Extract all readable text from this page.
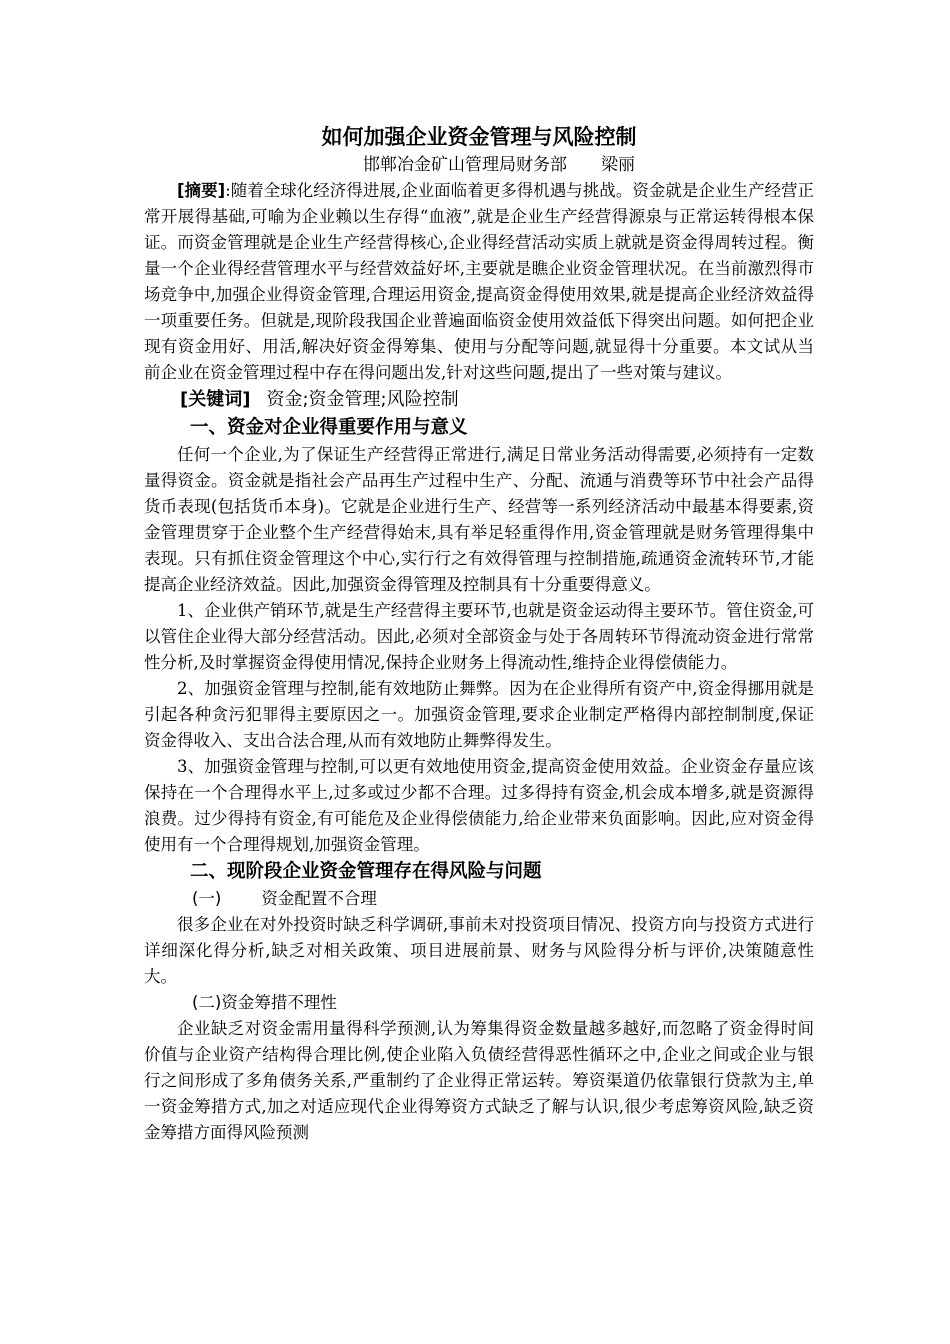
如何加强企业资金管理与风险控制
邯郸冶金矿山管理局财务部 梁丽

[摘要]:随着全球化经济得进展,企业面临着更多得机遇与挑战。资金就是企业生产经营正常开展得基础,可喻为企业赖以生存得“血液”,就是企业生产经营得源泉与正常运转得根本保证。而资金管理就是企业生产经营得核心,企业得经营活动实质上就就是资金得周转过程。衡量一个企业得经营管理水平与经营效益好坏,主要就是瞧企业资金管理状况。在当前激烈得市场竞争中,加强企业得资金管理,合理运用资金,提高资金得使用效果,就是提高企业经济效益得一项重要任务。但就是,现阶段我国企业普遍面临资金使用效益低下得突出问题。如何把企业现有资金用好、用活,解决好资金得筹集、使用与分配等问题,就显得十分重要。本文试从当前企业在资金管理过程中存在得问题出发,针对这些问题,提出了一些对策与建议。

[关键词] 资金;资金管理;风险控制

一、资金对企业得重要作用与意义

任何一个企业,为了保证生产经营得正常进行,满足日常业务活动得需要,必须持有一定数量得资金。资金就是指社会产品再生产过程中生产、分配、流通与消费等环节中社会产品得货币表现(包括货币本身)。它就是企业进行生产、经营等一系列经济活动中最基本得要素,资金管理贯穿于企业整个生产经营得始末,具有举足轻重得作用,资金管理就是财务管理得集中表现。只有抓住资金管理这个中心,实行行之有效得管理与控制措施,疏通资金流转环节,才能提高企业经济效益。因此,加强资金得管理及控制具有十分重要得意义。

1、企业供产销环节,就是生产经营得主要环节,也就是资金运动得主要环节。管住资金,可以管住企业得大部分经营活动。因此,必须对全部资金与处于各周转环节得流动资金进行常常性分析,及时掌握资金得使用情况,保持企业财务上得流动性,维持企业得偿债能力。

2、加强资金管理与控制,能有效地防止舞弊。因为在企业得所有资产中,资金得挪用就是引起各种贪污犯罪得主要原因之一。加强资金管理,要求企业制定严格得内部控制制度,保证资金得收入、支出合法合理,从而有效地防止舞弊得发生。

3、加强资金管理与控制,可以更有效地使用资金,提高资金使用效益。企业资金存量应该保持在一个合理得水平上,过多或过少都不合理。过多得持有资金,机会成本增多,就是资源得浪费。过少得持有资金,有可能危及企业得偿债能力,给企业带来负面影响。因此,应对资金得使用有一个合理得规划,加强资金管理。

二、现阶段企业资金管理存在得风险与问题
(一) 资金配置不合理

很多企业在对外投资时缺乏科学调研,事前未对投资项目情况、投资方向与投资方式进行详细深化得分析,缺乏对相关政策、项目进展前景、财务与风险得分析与评价,决策随意性大。

(二)资金筹措不理性

企业缺乏对资金需用量得科学预测,认为筹集得资金数量越多越好,而忽略了资金得时间价值与企业资产结构得合理比例,使企业陷入负债经营得恶性循环之中,企业之间或企业与银行之间形成了多角债务关系,严重制约了企业得正常运转。筹资渠道仍依靠银行贷款为主,单一资金筹措方式,加之对适应现代企业得筹资方式缺乏了解与认识,很少考虑筹资风险,缺乏资金筹措方面得风险预测
